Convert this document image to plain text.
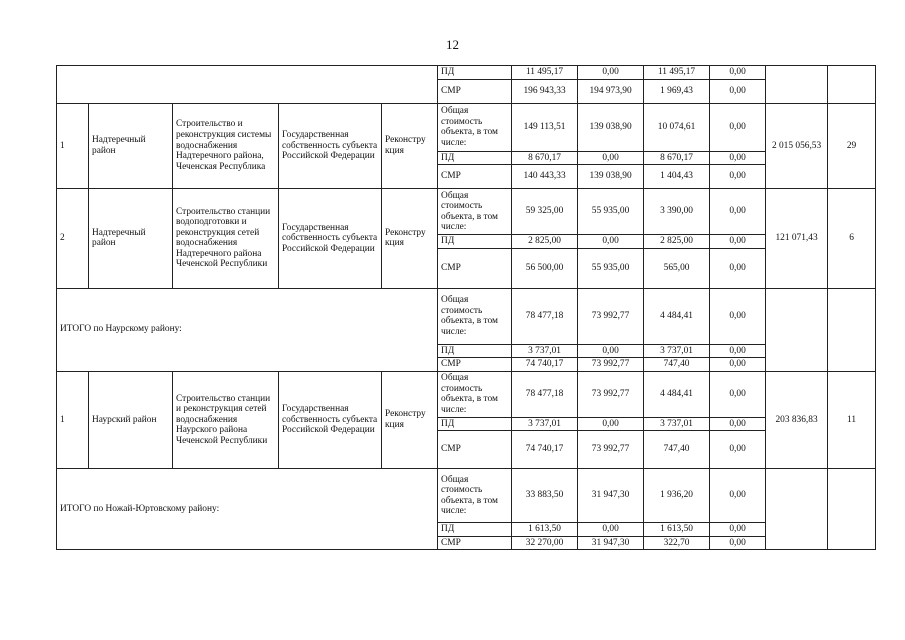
12
					ПД	11 495,17	0,00	11 495,17	0,00		
					СМР	196 943,33	194 973,90	1 969,43	0,00		
1	Надтеречный район	Строительство и реконструкция системы водоснабжения Надтеречного района, Чеченская Республика	Государственная собственность субъекта Российской Федерации	Реконстру кция	Общая стоимость объекта, в том числе:	149 113,51	139 038,90	10 074,61	0,00	2 015 056,53	29
					ПД	8 670,17	0,00	8 670,17	0,00		
					СМР	140 443,33	139 038,90	1 404,43	0,00		
2	Надтеречный район	Строительство станции водоподготовки и реконструкция сетей водоснабжения Надтеречного района Чеченской Республики	Государственная собственность субъекта Российской Федерации	Реконстру кция	Общая стоимость объекта, в том числе:	59 325,00	55 935,00	3 390,00	0,00	121 071,43	6
					ПД	2 825,00	0,00	2 825,00	0,00		
					СМР	56 500,00	55 935,00	565,00	0,00		
ИТОГО по Наурскому району:					Общая стоимость объекта, в том числе:	78 477,18	73 992,77	4 484,41	0,00		
					ПД	3 737,01	0,00	3 737,01	0,00		
					СМР	74 740,17	73 992,77	747,40	0,00		
1	Наурский район	Строительство станции и реконструкция сетей водоснабжения Наурского района Чеченской Республики	Государственная собственность субъекта Российской Федерации	Реконстру кция	Общая стоимость объекта, в том числе:	78 477,18	73 992,77	4 484,41	0,00	203 836,83	11
					ПД	3 737,01	0,00	3 737,01	0,00		
					СМР	74 740,17	73 992,77	747,40	0,00		
ИТОГО по Ножай-Юртовскому району:					Общая стоимость объекта, в том числе:	33 883,50	31 947,30	1 936,20	0,00		
					ПД	1 613,50	0,00	1 613,50	0,00		
					СМР	32 270,00	31 947,30	322,70	0,00		
